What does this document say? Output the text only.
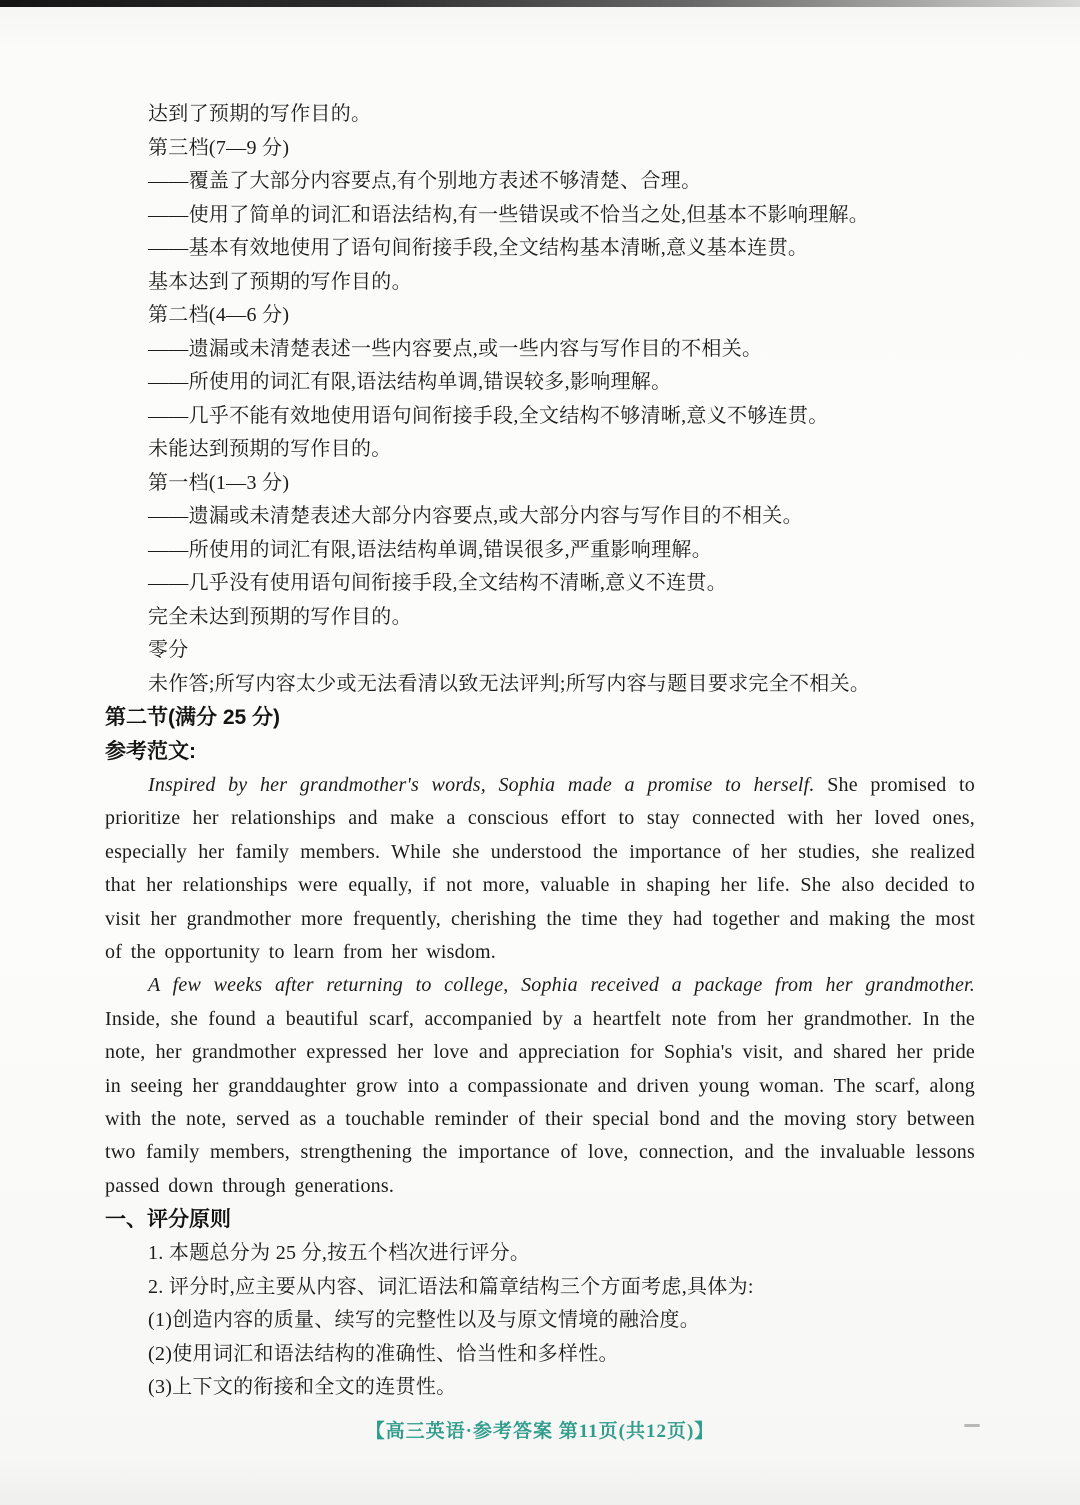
达到了预期的写作目的。

第三档(7—9 分)

——覆盖了大部分内容要点,有个别地方表述不够清楚、合理。

——使用了简单的词汇和语法结构,有一些错误或不恰当之处,但基本不影响理解。

——基本有效地使用了语句间衔接手段,全文结构基本清晰,意义基本连贯。

基本达到了预期的写作目的。

第二档(4—6 分)

——遗漏或未清楚表述一些内容要点,或一些内容与写作目的不相关。

——所使用的词汇有限,语法结构单调,错误较多,影响理解。

——几乎不能有效地使用语句间衔接手段,全文结构不够清晰,意义不够连贯。

未能达到预期的写作目的。

第一档(1—3 分)

——遗漏或未清楚表述大部分内容要点,或大部分内容与写作目的不相关。

——所使用的词汇有限,语法结构单调,错误很多,严重影响理解。

——几乎没有使用语句间衔接手段,全文结构不清晰,意义不连贯。

完全未达到预期的写作目的。

零分

未作答;所写内容太少或无法看清以致无法评判;所写内容与题目要求完全不相关。

第二节(满分 25 分)
参考范文:

Inspired by her grandmother's words, Sophia made a promise to herself. She promised to prioritize her relationships and make a conscious effort to stay connected with her loved ones, especially her family members. While she understood the importance of her studies, she realized that her relationships were equally, if not more, valuable in shaping her life. She also decided to visit her grandmother more frequently, cherishing the time they had together and making the most of the opportunity to learn from her wisdom.

A few weeks after returning to college, Sophia received a package from her grandmother. Inside, she found a beautiful scarf, accompanied by a heartfelt note from her grandmother. In the note, her grandmother expressed her love and appreciation for Sophia's visit, and shared her pride in seeing her granddaughter grow into a compassionate and driven young woman. The scarf, along with the note, served as a touchable reminder of their special bond and the moving story between two family members, strengthening the importance of love, connection, and the invaluable lessons passed down through generations.

一、评分原则

1. 本题总分为 25 分,按五个档次进行评分。

2. 评分时,应主要从内容、词汇语法和篇章结构三个方面考虑,具体为:

(1)创造内容的质量、续写的完整性以及与原文情境的融洽度。

(2)使用词汇和语法结构的准确性、恰当性和多样性。

(3)上下文的衔接和全文的连贯性。

【高三英语·参考答案 第11页(共12页)】
